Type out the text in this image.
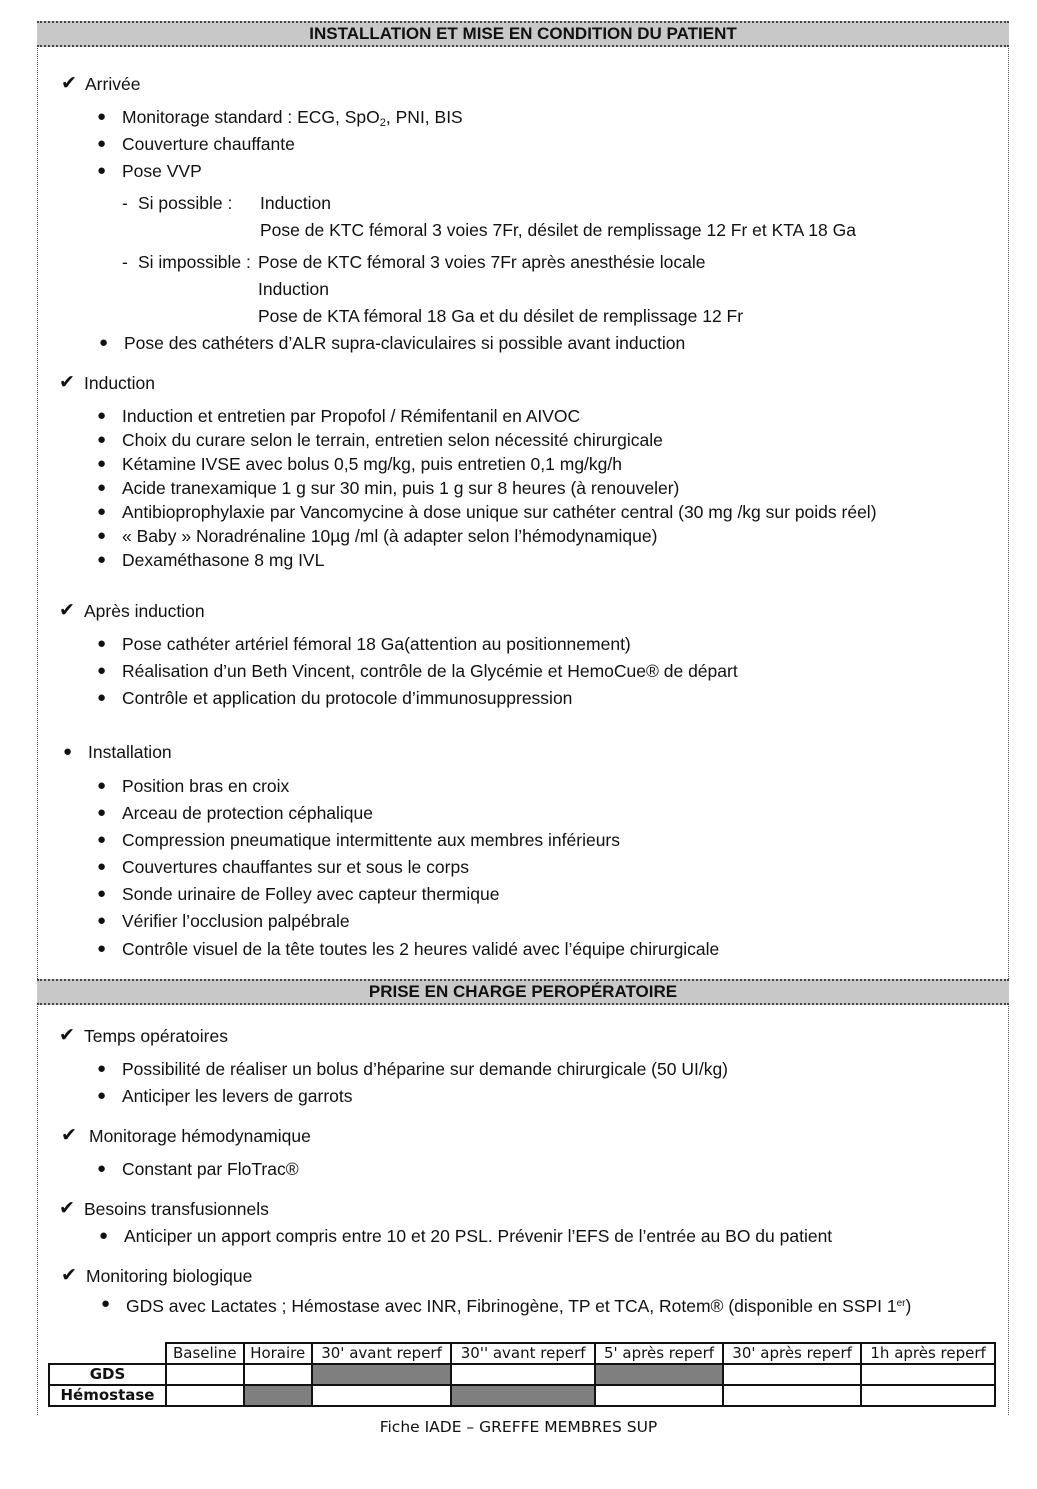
INSTALLATION ET MISE EN CONDITION DU PATIENT
✔ Arrivée
● Monitorage standard : ECG, SpO$_2$, PNI, BIS
● Couverture chauffante
● Pose VVP
- Si possible : Induction
Pose de KTC fémoral 3 voies 7Fr, désilet de remplissage 12 Fr et KTA 18 Ga
- Si impossible : Pose de KTC fémoral 3 voies 7Fr après anesthésie locale
Induction
Pose de KTA fémoral 18 Ga et du désilet de remplissage 12 Fr
● Pose des cathéters d’ALR supra-claviculaires si possible avant induction
✔ Induction
● Induction et entretien par Propofol / Rémifentanil en AIVOC
● Choix du curare selon le terrain, entretien selon nécessité chirurgicale
● Kétamine IVSE avec bolus 0,5 mg/kg, puis entretien 0,1 mg/kg/h
● Acide tranexamique 1 g sur 30 min, puis 1 g sur 8 heures (à renouveler)
● Antibioprophylaxie par Vancomycine à dose unique sur cathéter central (30 mg /kg sur poids réel)
● « Baby » Noradrénaline 10µg /ml (à adapter selon l’hémodynamique)
● Dexaméthasone 8 mg IVL
✔ Après induction
● Pose cathéter artériel fémoral 18 Ga(attention au positionnement)
● Réalisation d’un Beth Vincent, contrôle de la Glycémie et HemoCue® de départ
● Contrôle et application du protocole d’immunosuppression
● Installation
● Position bras en croix
● Arceau de protection céphalique
● Compression pneumatique intermittente aux membres inférieurs
● Couvertures chauffantes sur et sous le corps
● Sonde urinaire de Folley avec capteur thermique
● Vérifier l’occlusion palpébrale
● Contrôle visuel de la tête toutes les 2 heures validé avec l’équipe chirurgicale
PRISE EN CHARGE PEROPÉRATOIRE
✔ Temps opératoires
● Possibilité de réaliser un bolus d’héparine sur demande chirurgicale (50 UI/kg)
● Anticiper les levers de garrots
✔ Monitorage hémodynamique
● Constant par FloTrac®
✔ Besoins transfusionnels
● Anticiper un apport compris entre 10 et 20 PSL. Prévenir l’EFS de l’entrée au BO du patient
✔ Monitoring biologique
● GDS avec Lactates ; Hémostase avec INR, Fibrinogène, TP et TCA, Rotem® (disponible en SSPI 1er)
	Baseline	Horaire	30' avant reperf	30'' avant reperf	5' après reperf	30' après reperf	1h après reperf
GDS							
Hémostase							
Fiche IADE – GREFFE MEMBRES SUP
